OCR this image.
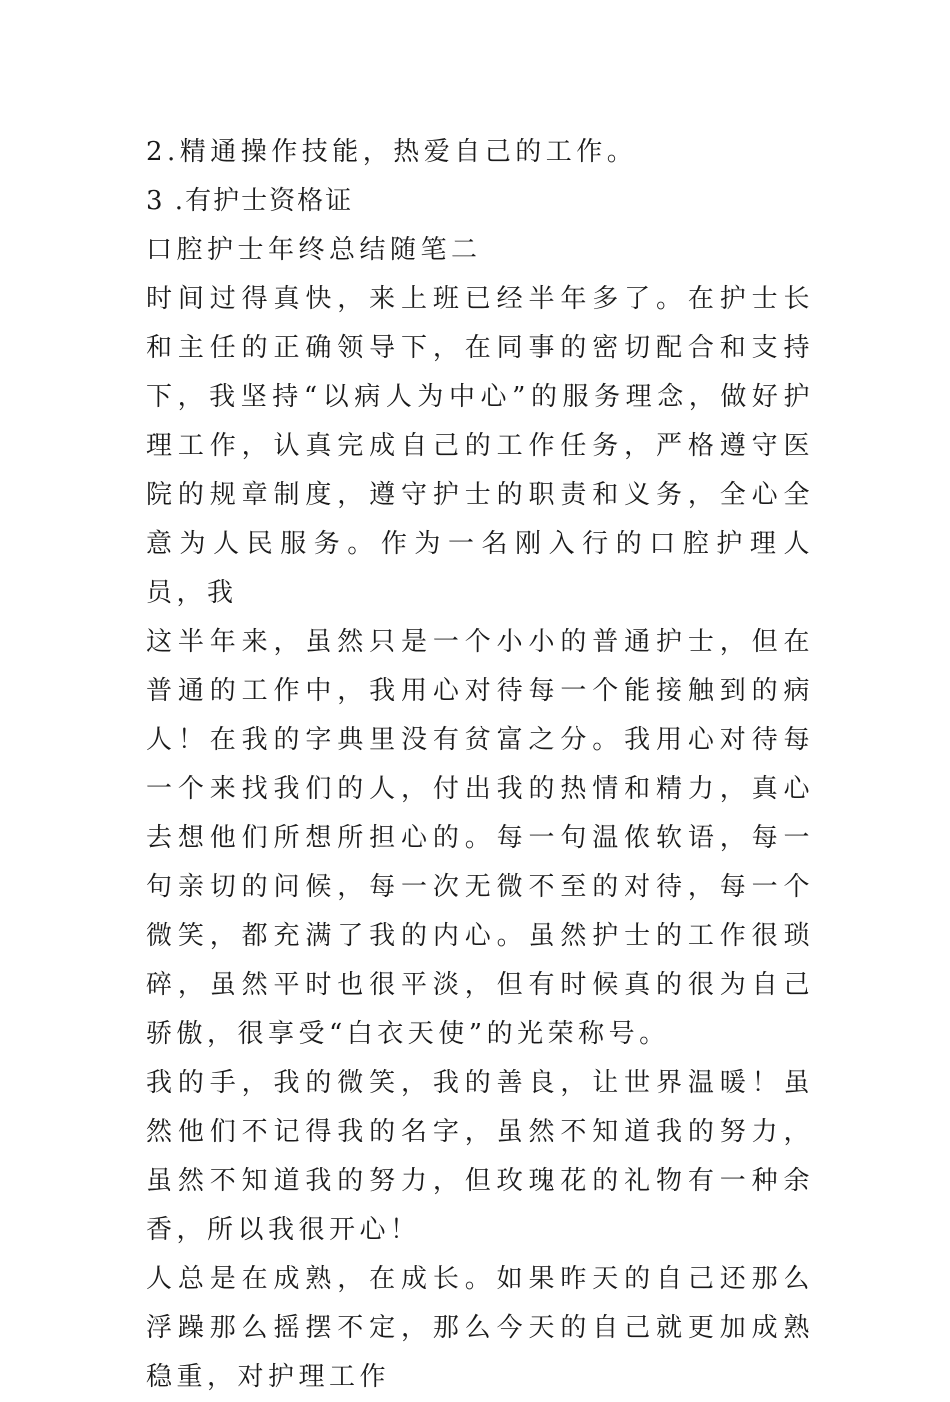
2.精通操作技能，热爱自己的工作。

3 .有护士资格证

口腔护士年终总结随笔二

时间过得真快，来上班已经半年多了。在护士长和主任的正确领导下，在同事的密切配合和支持下，我坚持“以病人为中心”的服务理念，做好护理工作，认真完成自己的工作任务，严格遵守医院的规章制度，遵守护士的职责和义务，全心全意为人民服务。作为一名刚入行的口腔护理人员，我

这半年来，虽然只是一个小小的普通护士，但在普通的工作中，我用心对待每一个能接触到的病人！在我的字典里没有贫富之分。我用心对待每一个来找我们的人，付出我的热情和精力，真心去想他们所想所担心的。每一句温侬软语，每一句亲切的问候，每一次无微不至的对待，每一个微笑，都充满了我的内心。虽然护士的工作很琐碎，虽然平时也很平淡，但有时候真的很为自己骄傲，很享受“白衣天使”的光荣称号。

我的手，我的微笑，我的善良，让世界温暖！虽然他们不记得我的名字，虽然不知道我的努力，虽然不知道我的努力，但玫瑰花的礼物有一种余香，所以我很开心！

人总是在成熟，在成长。如果昨天的自己还那么浮躁那么摇摆不定，那么今天的自己就更加成熟稳重，对护理工作
